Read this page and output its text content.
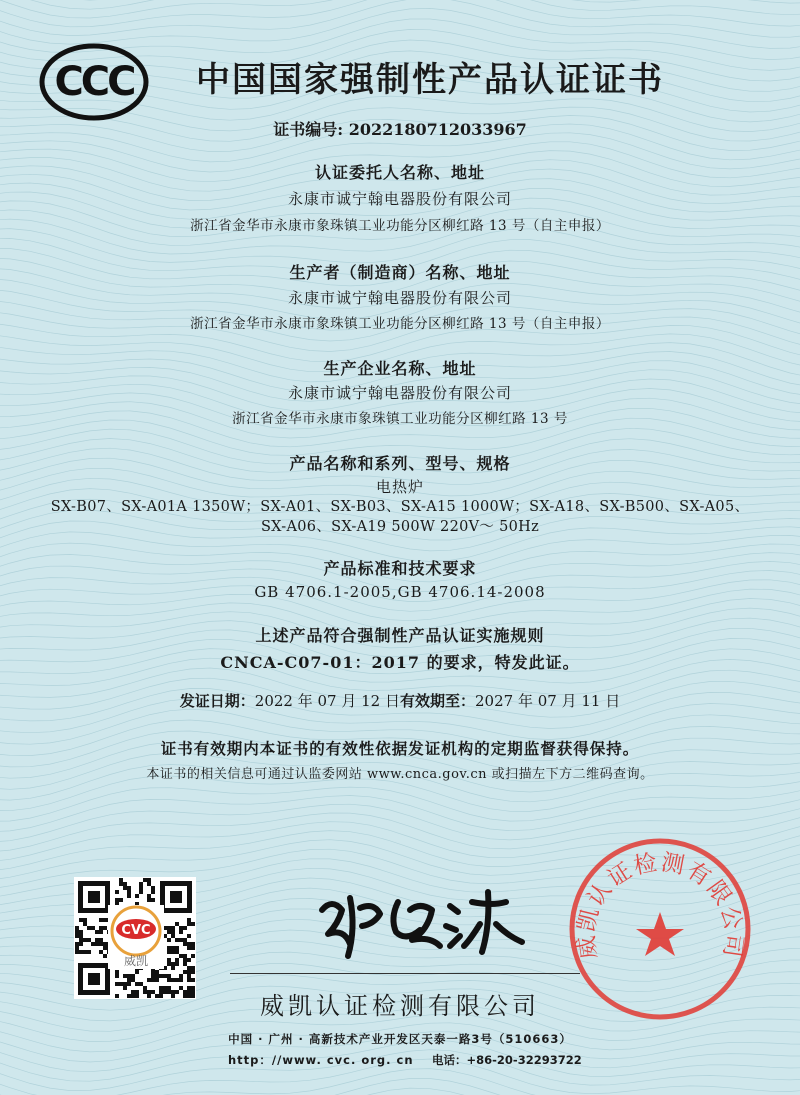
CCC	中国国家强制性产品认证证书
证书编号: 2022180712033967
认证委托人名称、地址
永康市诚宁翰电器股份有限公司
浙江省金华市永康市象珠镇工业功能分区柳红路 13 号（自主申报）
生产者（制造商）名称、地址
永康市诚宁翰电器股份有限公司
浙江省金华市永康市象珠镇工业功能分区柳红路 13 号（自主申报）
生产企业名称、地址
永康市诚宁翰电器股份有限公司
浙江省金华市永康市象珠镇工业功能分区柳红路 13 号
产品名称和系列、型号、规格
电热炉
SX-B07、SX-A01A 1350W；SX-A01、SX-B03、SX-A15 1000W；SX-A18、SX-B500、SX-A05、
SX-A06、SX-A19 500W 220V～ 50Hz
产品标准和技术要求
GB 4706.1-2005,GB 4706.14-2008
上述产品符合强制性产品认证实施规则
CNCA-C07-01：2017 的要求，特发此证。
发证日期：2022 年 07 月 12 日有效期至：2027 年 07 月 11 日
证书有效期内本证书的有效性依据发证机构的定期监督获得保持。
本证书的相关信息可通过认监委网站 www.cnca.gov.cn 或扫描左下方二维码查询。
CVC
威凯
威凯认证检测有限公司
中国 · 广州 · 高新技术产业开发区天泰一路3号（510663）
http：//www. cvc. org. cn 电话：+86-20-32293722
威凯认证检测有限公司
